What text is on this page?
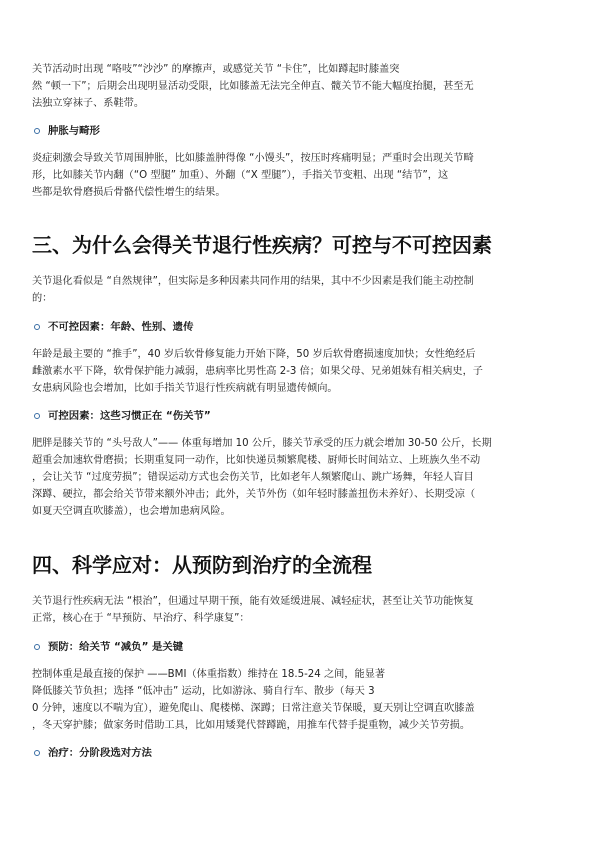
关节活动时出现 “咯吱”“沙沙” 的摩擦声，或感觉关节 “卡住”，比如蹲起时膝盖突
然 “顿一下”；后期会出现明显活动受限，比如膝盖无法完全伸直、髋关节不能大幅度抬腿，甚至无
法独立穿袜子、系鞋带。
肿胀与畸形
炎症刺激会导致关节周围肿胀，比如膝盖肿得像 “小馒头”，按压时疼痛明显；严重时会出现关节畸
形，比如膝关节内翻（“O 型腿” 加重）、外翻（“X 型腿”），手指关节变粗、出现 “结节”，这
些都是软骨磨损后骨骼代偿性增生的结果。
三、为什么会得关节退行性疾病？可控与不可控因素
关节退化看似是 “自然规律”，但实际是多种因素共同作用的结果，其中不少因素是我们能主动控制
的：
不可控因素：年龄、性别、遗传
年龄是最主要的 “推手”，40 岁后软骨修复能力开始下降，50 岁后软骨磨损速度加快；女性绝经后
雌激素水平下降，软骨保护能力减弱，患病率比男性高 2-3 倍；如果父母、兄弟姐妹有相关病史，子
女患病风险也会增加，比如手指关节退行性疾病就有明显遗传倾向。
可控因素：这些习惯正在 “伤关节”
肥胖是膝关节的 “头号敌人”—— 体重每增加 10 公斤，膝关节承受的压力就会增加 30-50 公斤，长期
超重会加速软骨磨损；长期重复同一动作，比如快递员频繁爬楼、厨师长时间站立、上班族久坐不动
，会让关节 “过度劳损”；错误运动方式也会伤关节，比如老年人频繁爬山、跳广场舞，年轻人盲目
深蹲、硬拉，都会给关节带来额外冲击；此外，关节外伤（如年轻时膝盖扭伤未养好）、长期受凉（
如夏天空调直吹膝盖），也会增加患病风险。
四、科学应对：从预防到治疗的全流程
关节退行性疾病无法 “根治”，但通过早期干预，能有效延缓进展、减轻症状，甚至让关节功能恢复
正常，核心在于 “早预防、早治疗、科学康复”：
预防：给关节 “减负” 是关键
控制体重是最直接的保护 ——BMI（体重指数）维持在 18.5-24 之间，能显著
降低膝关节负担；选择 “低冲击” 运动，比如游泳、骑自行车、散步（每天 3
0 分钟，速度以不喘为宜），避免爬山、爬楼梯、深蹲；日常注意关节保暖，夏天别让空调直吹膝盖
，冬天穿护膝；做家务时借助工具，比如用矮凳代替蹲跪，用推车代替手提重物，减少关节劳损。
治疗：分阶段选对方法
